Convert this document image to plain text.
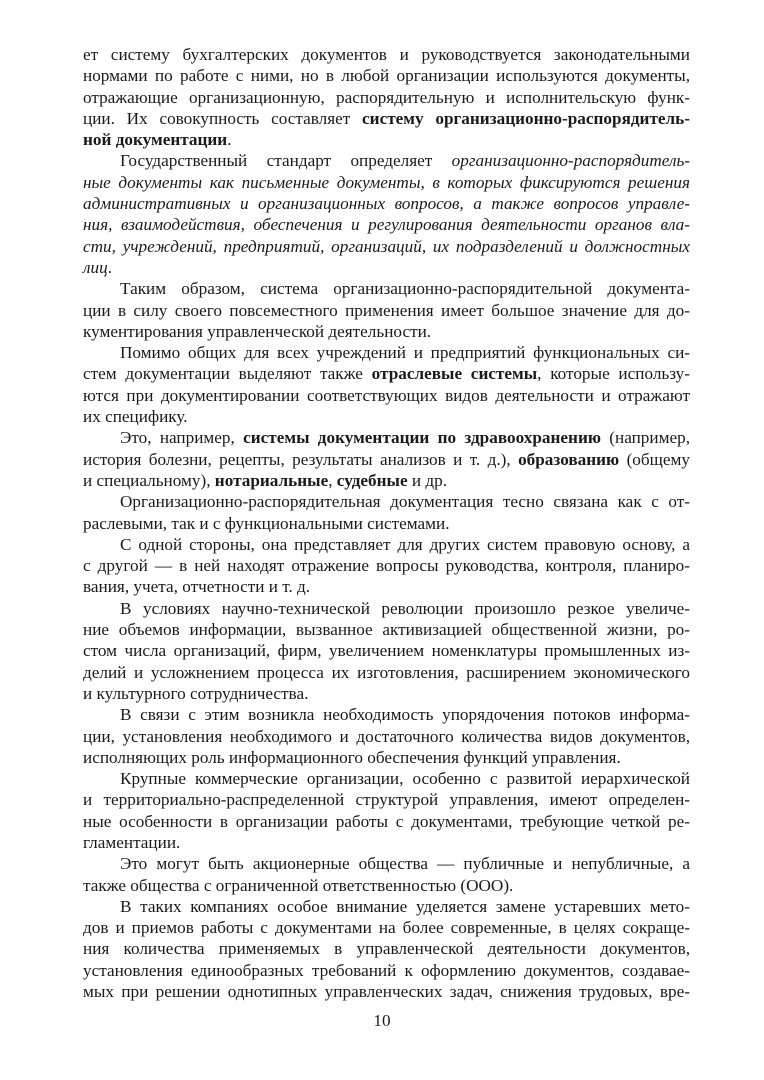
ет системy бухгалтерских документов и руководствуется законодательными
нормами по работе с ними, но в любой организации используются документы,
отражающие организационную, распорядительную и исполнительскую функ-
ции. Их совокупность составляет систему организационно-распорядитель-
ной документации.
Государственный стандарт определяет организационно-распорядитель-
ные документы как письменные документы, в которых фиксируются решения
административных и организационных вопросов, а также вопросов управле-
ния, взаимодействия, обеспечения и регулирования деятельности органов вла-
сти, учреждений, предприятий, организаций, их подразделений и должностных
лиц.
Таким образом, система организационно-распорядительной документа-
ции в силу своего повсеместного применения имеет большое значение для до-
кументирования управленческой деятельности.
Помимо общих для всех учреждений и предприятий функциональных си-
стем документации выделяют также отраслевые системы, которые использу-
ются при документировании соответствующих видов деятельности и отражают
их специфику.
Это, например, системы документации по здравоохранению (например,
история болезни, рецепты, результаты анализов и т. д.), образованию (общему
и специальному), нотариальные, судебные и др.
Организационно-распорядительная документация тесно связана как с от-
раслевыми, так и с функциональными системами.
С одной стороны, она представляет для других систем правовую основу, а
с другой — в ней находят отражение вопросы руководства, контроля, планиро-
вания, учета, отчетности и т. д.
В условиях научно-технической революции произошло резкое увеличе-
ние объемов информации, вызванное активизацией общественной жизни, ро-
стом числа организаций, фирм, увеличением номенклатуры промышленных из-
делий и усложнением процесса их изготовления, расширением экономического
и культурного сотрудничества.
В связи с этим возникла необходимость упорядочения потоков информа-
ции, установления необходимого и достаточного количества видов документов,
исполняющих роль информационного обеспечения функций управления.
Крупные коммерческие организации, особенно с развитой иерархической
и территориально-распределенной структурой управления, имеют определен-
ные особенности в организации работы с документами, требующие четкой ре-
гламентации.
Это могут быть акционерные общества — публичные и непубличные, а
также общества с ограниченной ответственностью (ООО).
В таких компаниях особое внимание уделяется замене устаревших мето-
дов и приемов работы с документами на более современные, в целях сокраще-
ния количества применяемых в управленческой деятельности документов,
установления единообразных требований к оформлению документов, создавае-
мых при решении однотипных управленческих задач, снижения трудовых, вре-
10
